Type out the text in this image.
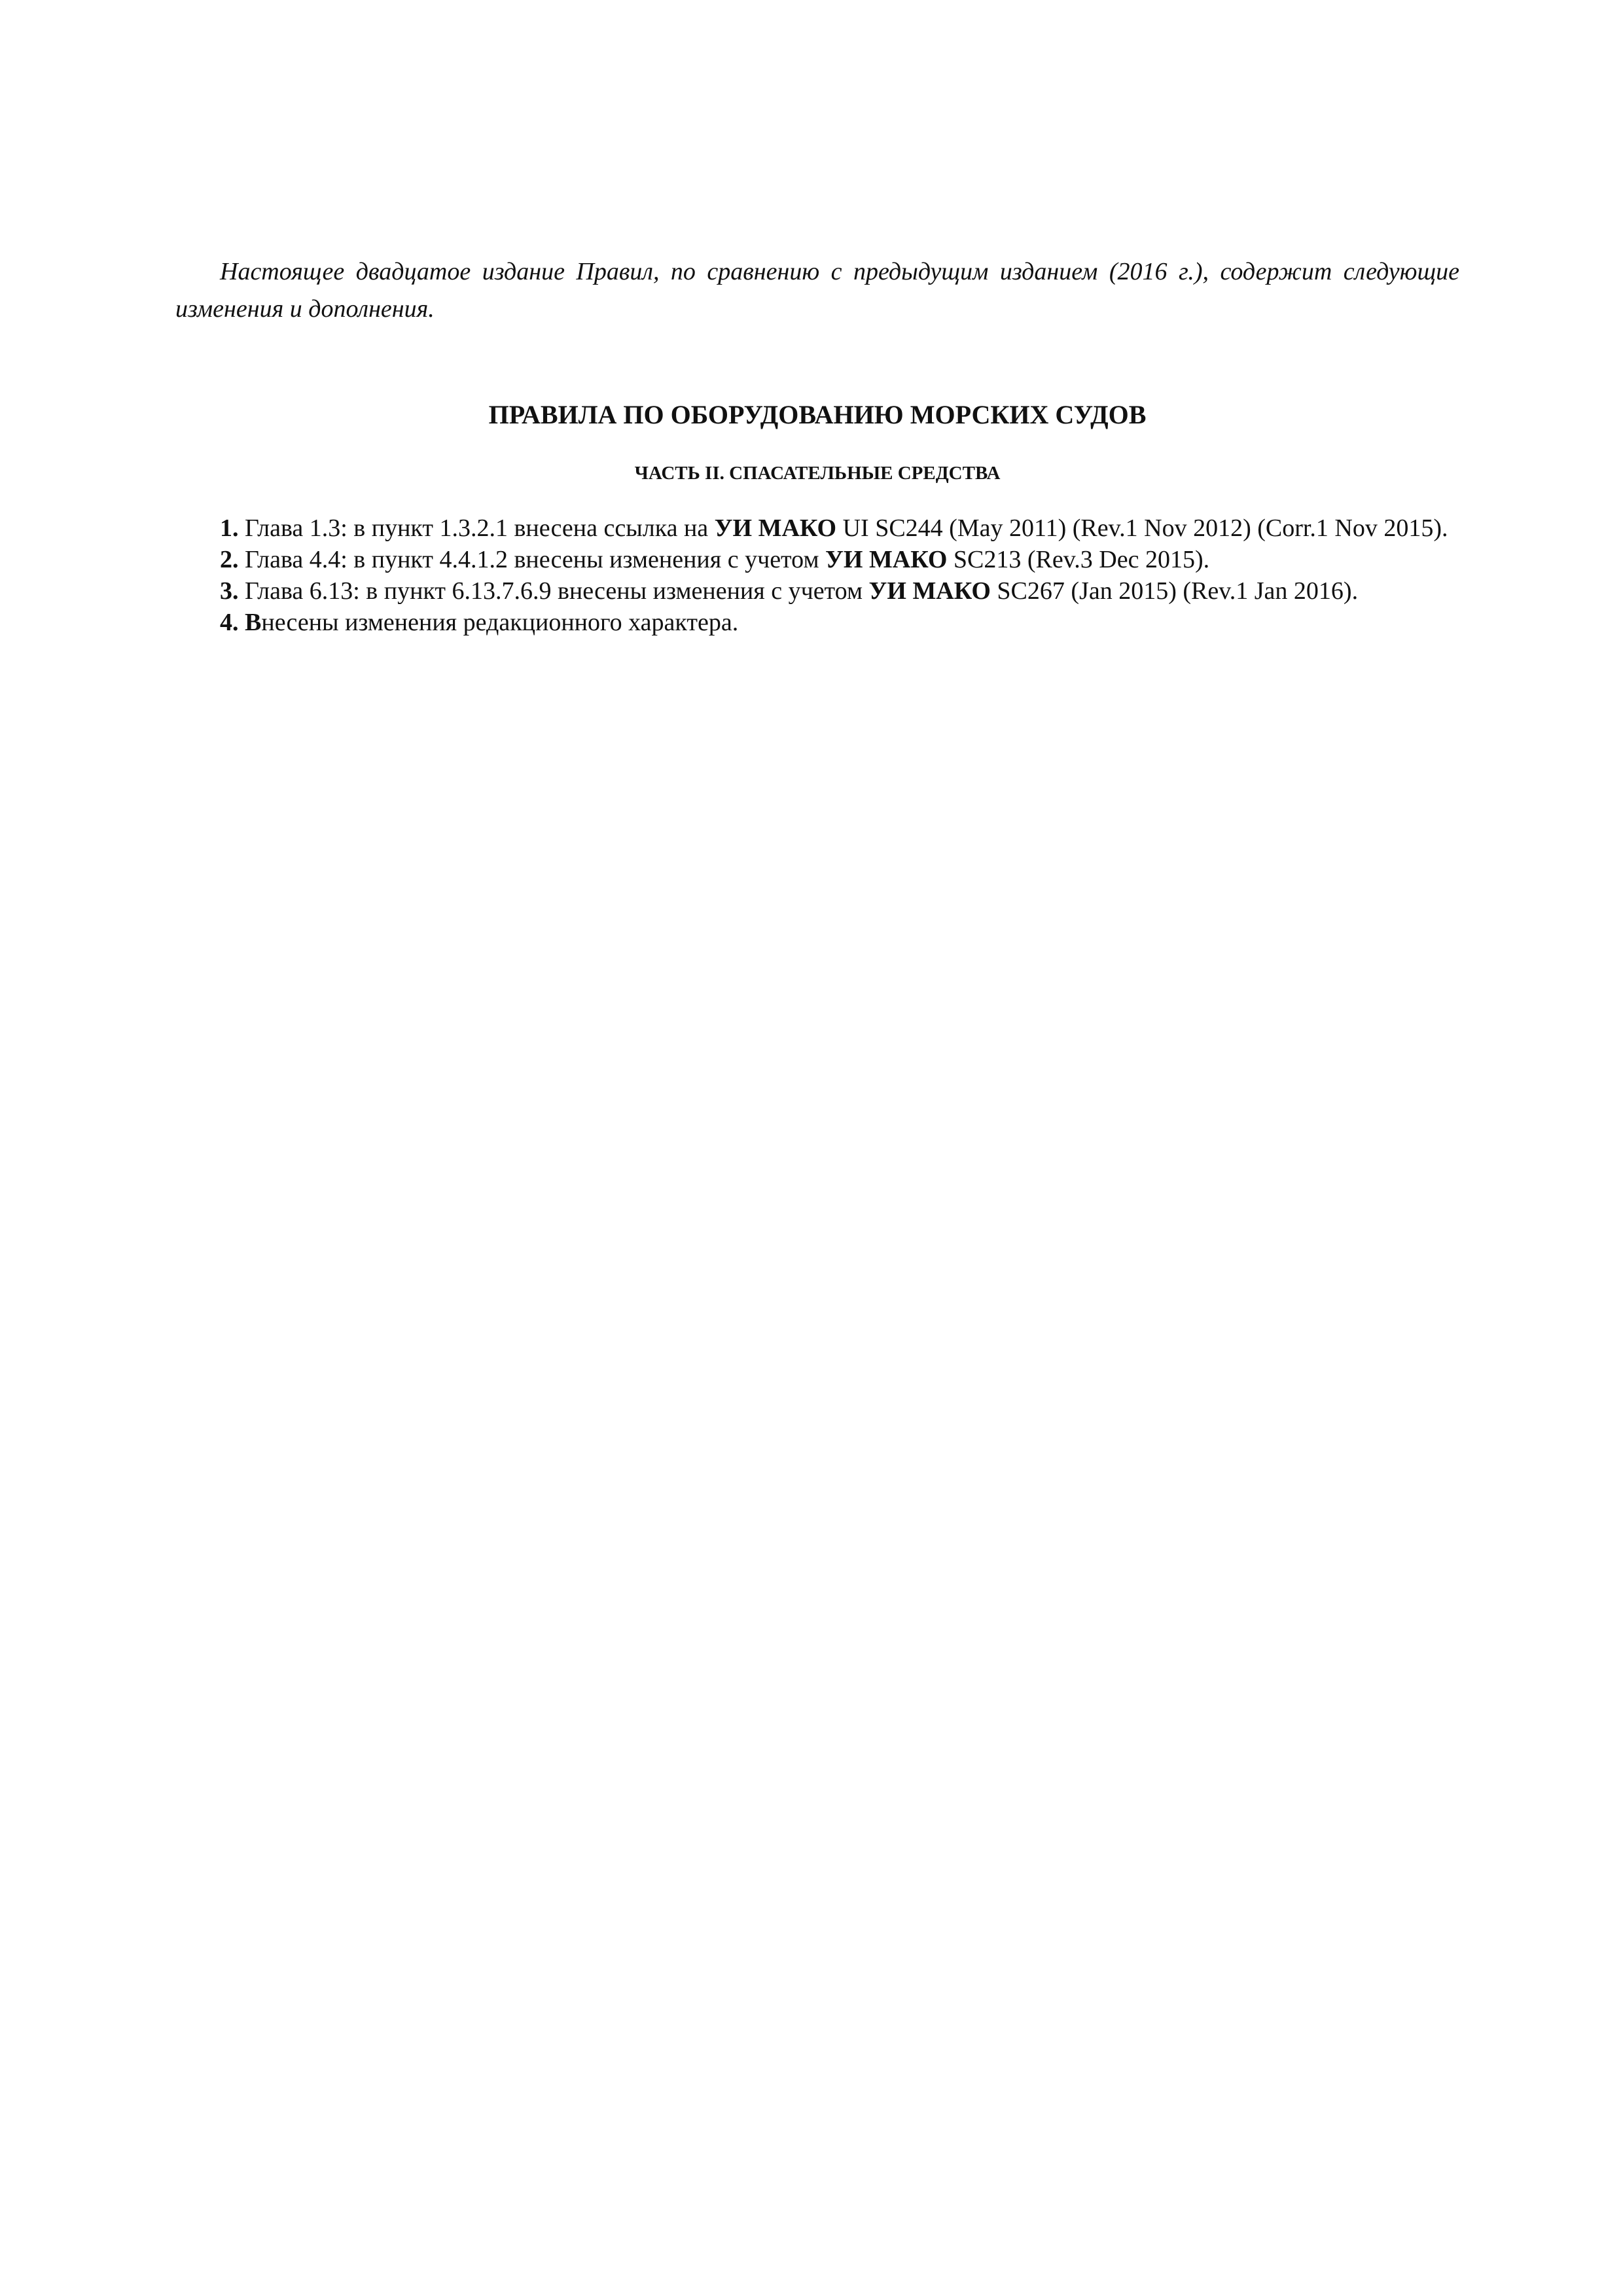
Настоящее двадцатое издание Правил, по сравнению с предыдущим изданием (2016 г.), содержит следующие изменения и дополнения.

ПРАВИЛА ПО ОБОРУДОВАНИЮ МОРСКИХ СУДОВ
ЧАСТЬ II. СПАСАТЕЛЬНЫЕ СРЕДСТВА
1. Глава 1.3: в пункт 1.3.2.1 внесена ссылка на УИ МАКО UI SC244 (May 2011) (Rev.1 Nov 2012) (Corr.1 Nov 2015).
2. Глава 4.4: в пункт 4.4.1.2 внесены изменения с учетом УИ МАКО SC213 (Rev.3 Dec 2015).
3. Глава 6.13: в пункт 6.13.7.6.9 внесены изменения с учетом УИ МАКО SC267 (Jan 2015) (Rev.1 Jan 2016).
4. Внесены изменения редакционного характера.
